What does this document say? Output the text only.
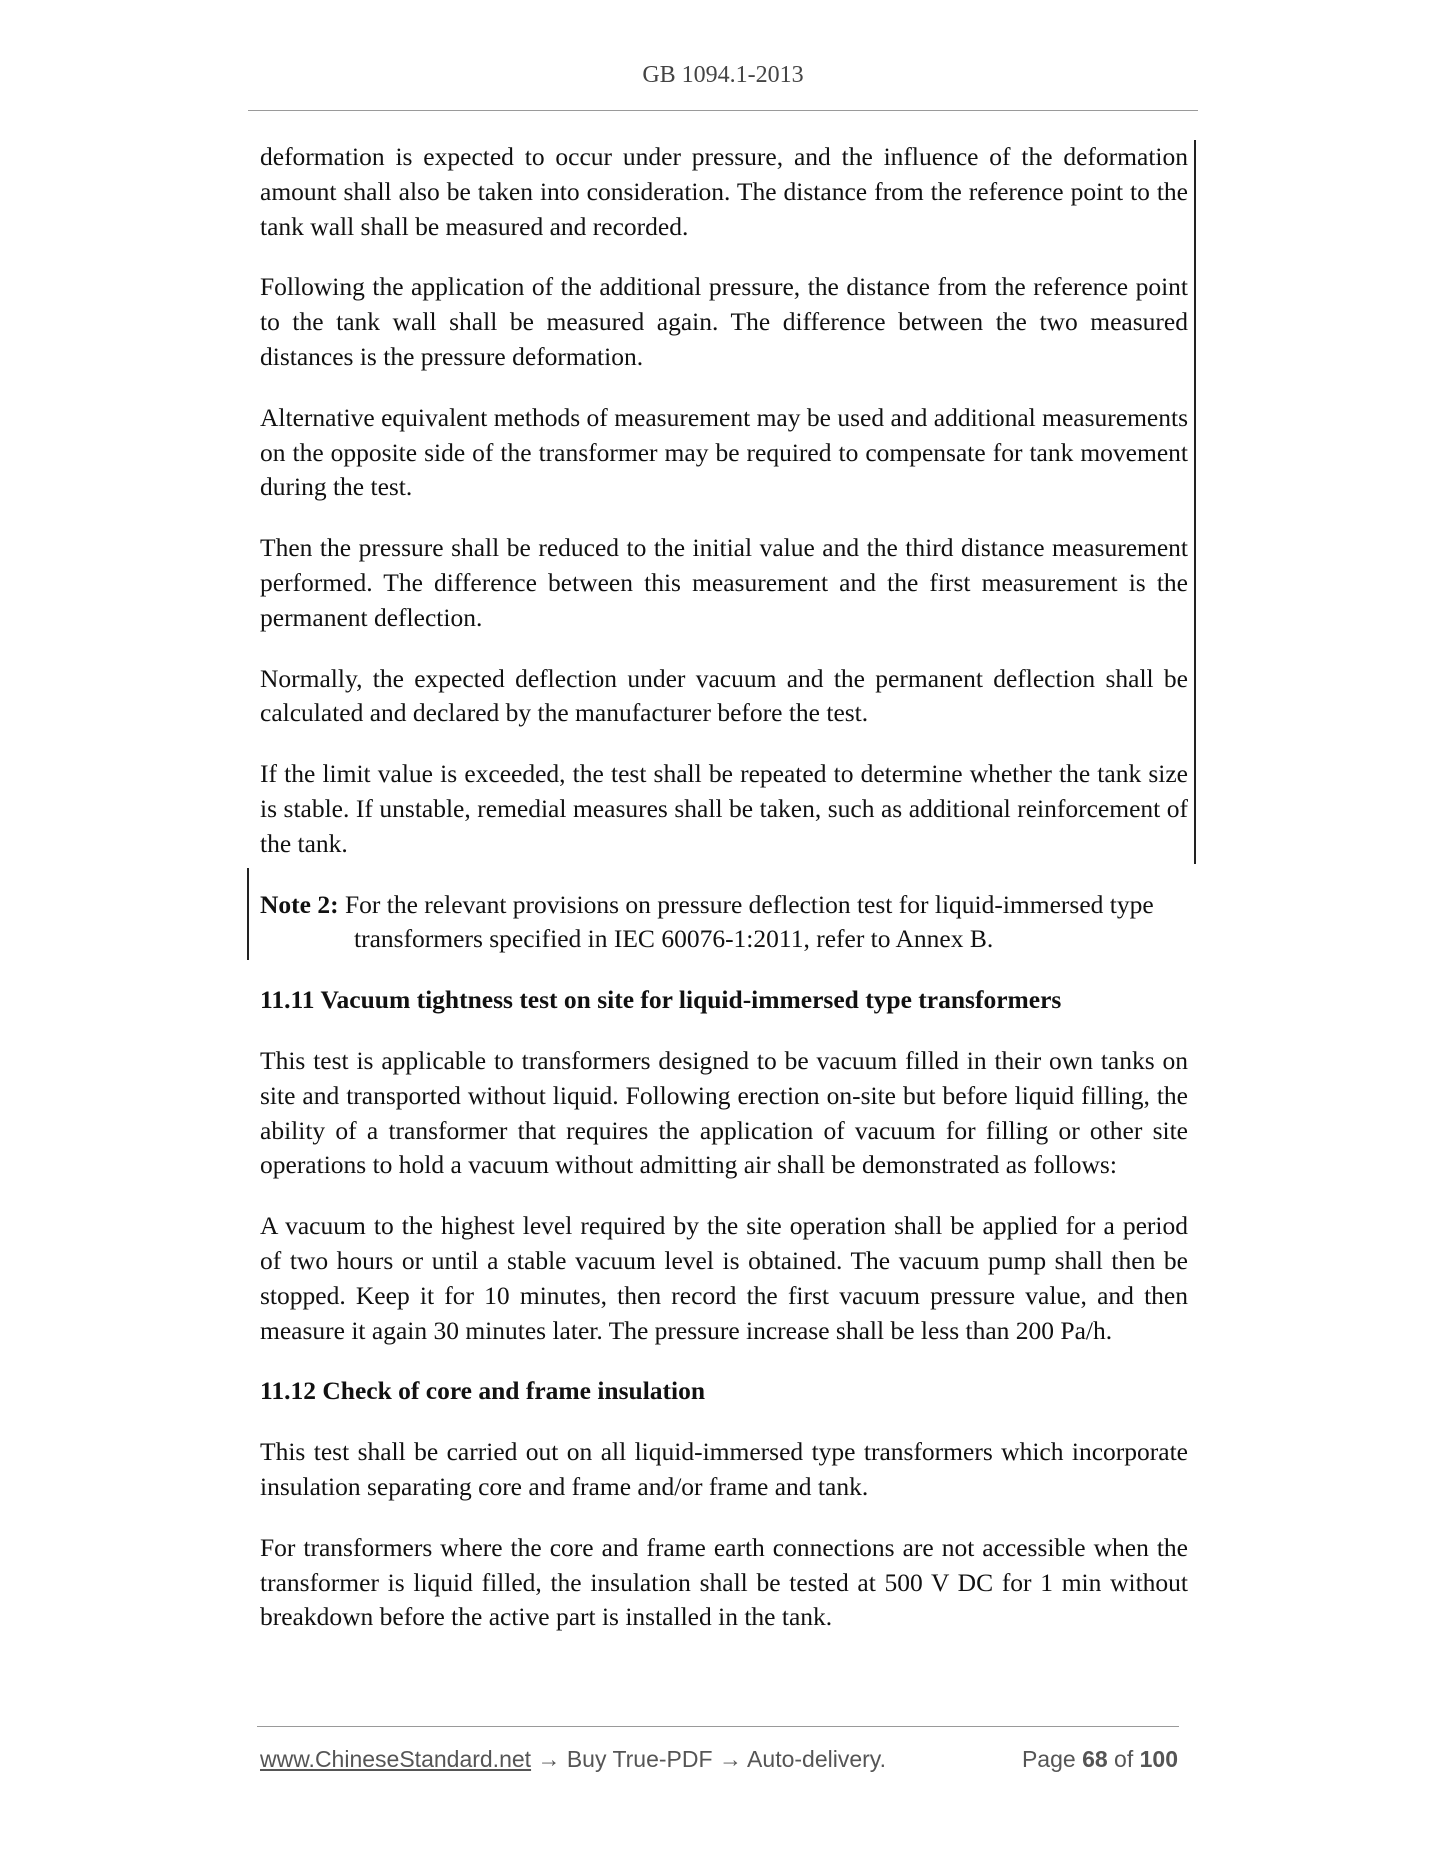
GB 1094.1-2013

deformation is expected to occur under pressure, and the influence of the deformation amount shall also be taken into consideration. The distance from the reference point to the tank wall shall be measured and recorded.

Following the application of the additional pressure, the distance from the reference point to the tank wall shall be measured again. The difference between the two measured distances is the pressure deformation.

Alternative equivalent methods of measurement may be used and additional measurements on the opposite side of the transformer may be required to compensate for tank movement during the test.

Then the pressure shall be reduced to the initial value and the third distance measurement performed. The difference between this measurement and the first measurement is the permanent deflection.

Normally, the expected deflection under vacuum and the permanent deflection shall be calculated and declared by the manufacturer before the test.

If the limit value is exceeded, the test shall be repeated to determine whether the tank size is stable. If unstable, remedial measures shall be taken, such as additional reinforcement of the tank.

Note 2: For the relevant provisions on pressure deflection test for liquid-immersed type
transformers specified in IEC 60076-1:2011, refer to Annex B.
11.11 Vacuum tightness test on site for liquid-immersed type transformers

This test is applicable to transformers designed to be vacuum filled in their own tanks on site and transported without liquid. Following erection on-site but before liquid filling, the ability of a transformer that requires the application of vacuum for filling or other site operations to hold a vacuum without admitting air shall be demonstrated as follows:

A vacuum to the highest level required by the site operation shall be applied for a period of two hours or until a stable vacuum level is obtained. The vacuum pump shall then be stopped. Keep it for 10 minutes, then record the first vacuum pressure value, and then measure it again 30 minutes later. The pressure increase shall be less than 200 Pa/h.

11.12 Check of core and frame insulation

This test shall be carried out on all liquid-immersed type transformers which incorporate insulation separating core and frame and/or frame and tank.

For transformers where the core and frame earth connections are not accessible when the transformer is liquid filled, the insulation shall be tested at 500 V DC for 1 min without breakdown before the active part is installed in the tank.

www.ChineseStandard.net → Buy True-PDF → Auto-delivery.	Page 68 of 100
